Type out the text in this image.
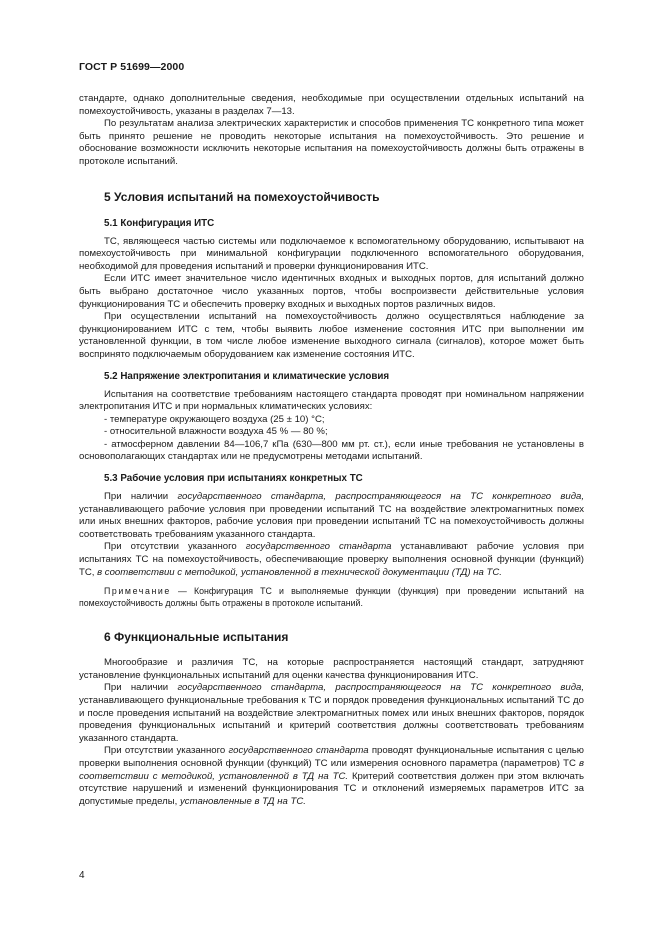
ГОСТ Р 51699—2000

стандарте, однако дополнительные сведения, необходимые при осуществлении отдельных испытаний на помехоустойчивость, указаны в разделах 7—13.

По результатам анализа электрических характеристик и способов применения ТС конкретного типа может быть принято решение не проводить некоторые испытания на помехоустойчивость. Это решение и обоснование возможности исключить некоторые испытания на помехоустойчивость должны быть отражены в протоколе испытаний.

5 Условия испытаний на помехоустойчивость
5.1 Конфигурация ИТС

ТС, являющееся частью системы или подключаемое к вспомогательному оборудованию, испытывают на помехоустойчивость при минимальной конфигурации подключенного вспомогательного оборудования, необходимой для проведения испытаний и проверки функционирования ИТС.

Если ИТС имеет значительное число идентичных входных и выходных портов, для испытаний должно быть выбрано достаточное число указанных портов, чтобы воспроизвести действительные условия функционирования ТС и обеспечить проверку входных и выходных портов различных видов.

При осуществлении испытаний на помехоустойчивость должно осуществляться наблюдение за функционированием ИТС с тем, чтобы выявить любое изменение состояния ИТС при выполнении им установленной функции, в том числе любое изменение выходного сигнала (сигналов), которое может быть воспринято подключаемым оборудованием как изменение состояния ИТС.

5.2 Напряжение электропитания и климатические условия

Испытания на соответствие требованиям настоящего стандарта проводят при номинальном напряжении электропитания ИТС и при нормальных климатических условиях:

- температуре окружающего воздуха (25 ± 10) °С;

- относительной влажности воздуха 45 % — 80 %;

- атмосферном давлении 84—106,7 кПа (630—800 мм рт. ст.), если иные требования не установлены в основополагающих стандартах или не предусмотрены методами испытаний.

5.3 Рабочие условия при испытаниях конкретных ТС

При наличии государственного стандарта, распространяющегося на ТС конкретного вида, устанавливающего рабочие условия при проведении испытаний ТС на воздействие электромагнитных помех или иных внешних факторов, рабочие условия при проведении испытаний ТС на помехоустойчивость должны соответствовать требованиям указанного стандарта.

При отсутствии указанного государственного стандарта устанавливают рабочие условия при испытаниях ТС на помехоустойчивость, обеспечивающие проверку выполнения основной функции (функций) ТС, в соответствии с методикой, установленной в технической документации (ТД) на ТС.

Примечание — Конфигурация ТС и выполняемые функции (функция) при проведении испытаний на помехоустойчивость должны быть отражены в протоколе испытаний.

6 Функциональные испытания

Многообразие и различия ТС, на которые распространяется настоящий стандарт, затрудняют установление функциональных испытаний для оценки качества функционирования ИТС.

При наличии государственного стандарта, распространяющегося на ТС конкретного вида, устанавливающего функциональные требования к ТС и порядок проведения функциональных испытаний ТС до и после проведения испытаний на воздействие электромагнитных помех или иных внешних факторов, порядок проведения функциональных испытаний и критерий соответствия должны соответствовать требованиям указанного стандарта.

При отсутствии указанного государственного стандарта проводят функциональные испытания с целью проверки выполнения основной функции (функций) ТС или измерения основного параметра (параметров) ТС в соответствии с методикой, установленной в ТД на ТС. Критерий соответствия должен при этом включать отсутствие нарушений и изменений функционирования ТС и отклонений измеряемых параметров ИТС за допустимые пределы, установленные в ТД на ТС.

4
